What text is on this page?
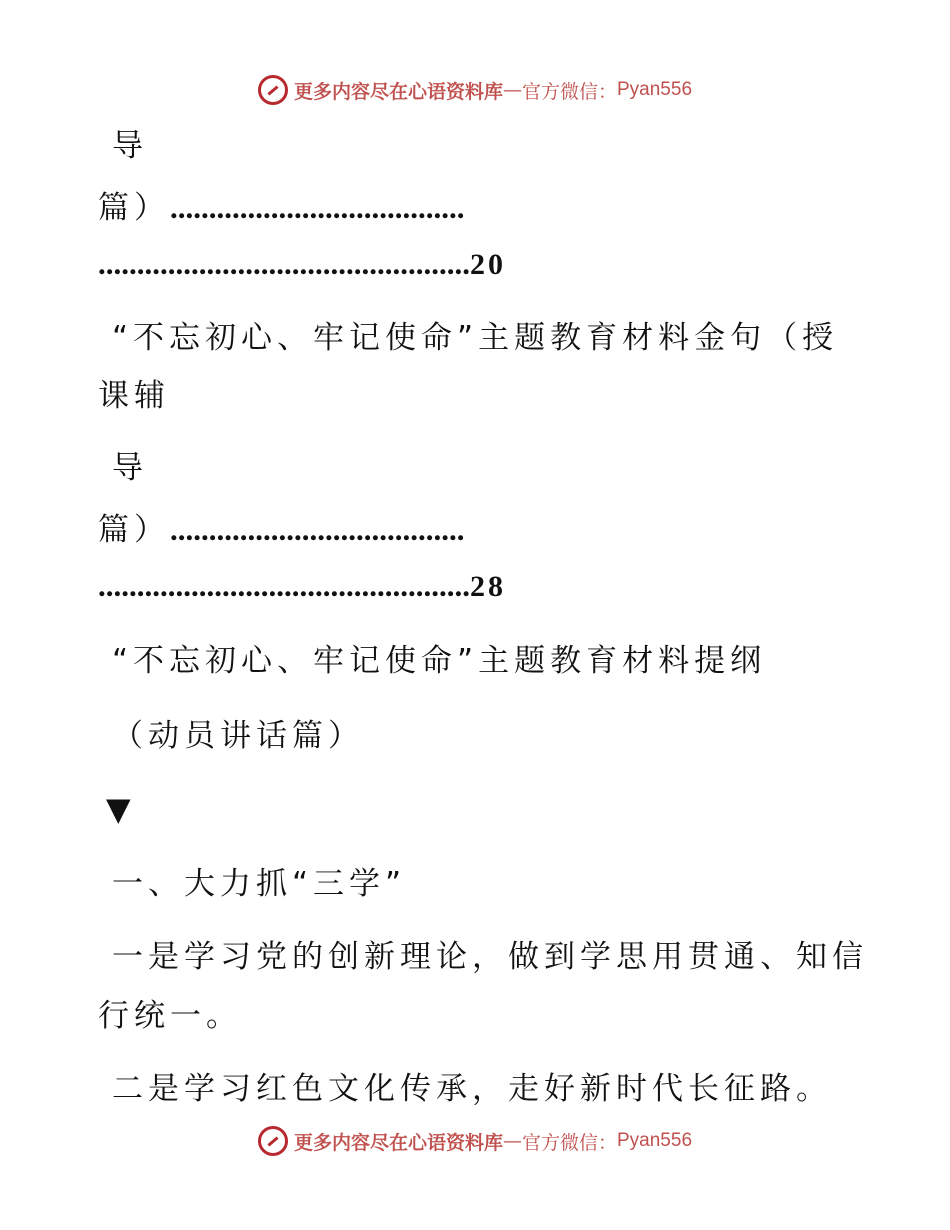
更多内容尽在心语资料库 — 官方微信： Pyan556
导
篇）......................................
................................................20
“不忘初心、牢记使命”主题教育材料金句（授
课辅
导
篇）......................................
................................................28
“不忘初心、牢记使命”主题教育材料提纲
（动员讲话篇）
▼
一、大力抓“三学”
一是学习党的创新理论，做到学思用贯通、知信
行统一。
二是学习红色文化传承，走好新时代长征路。
更多内容尽在心语资料库 — 官方微信： Pyan556
